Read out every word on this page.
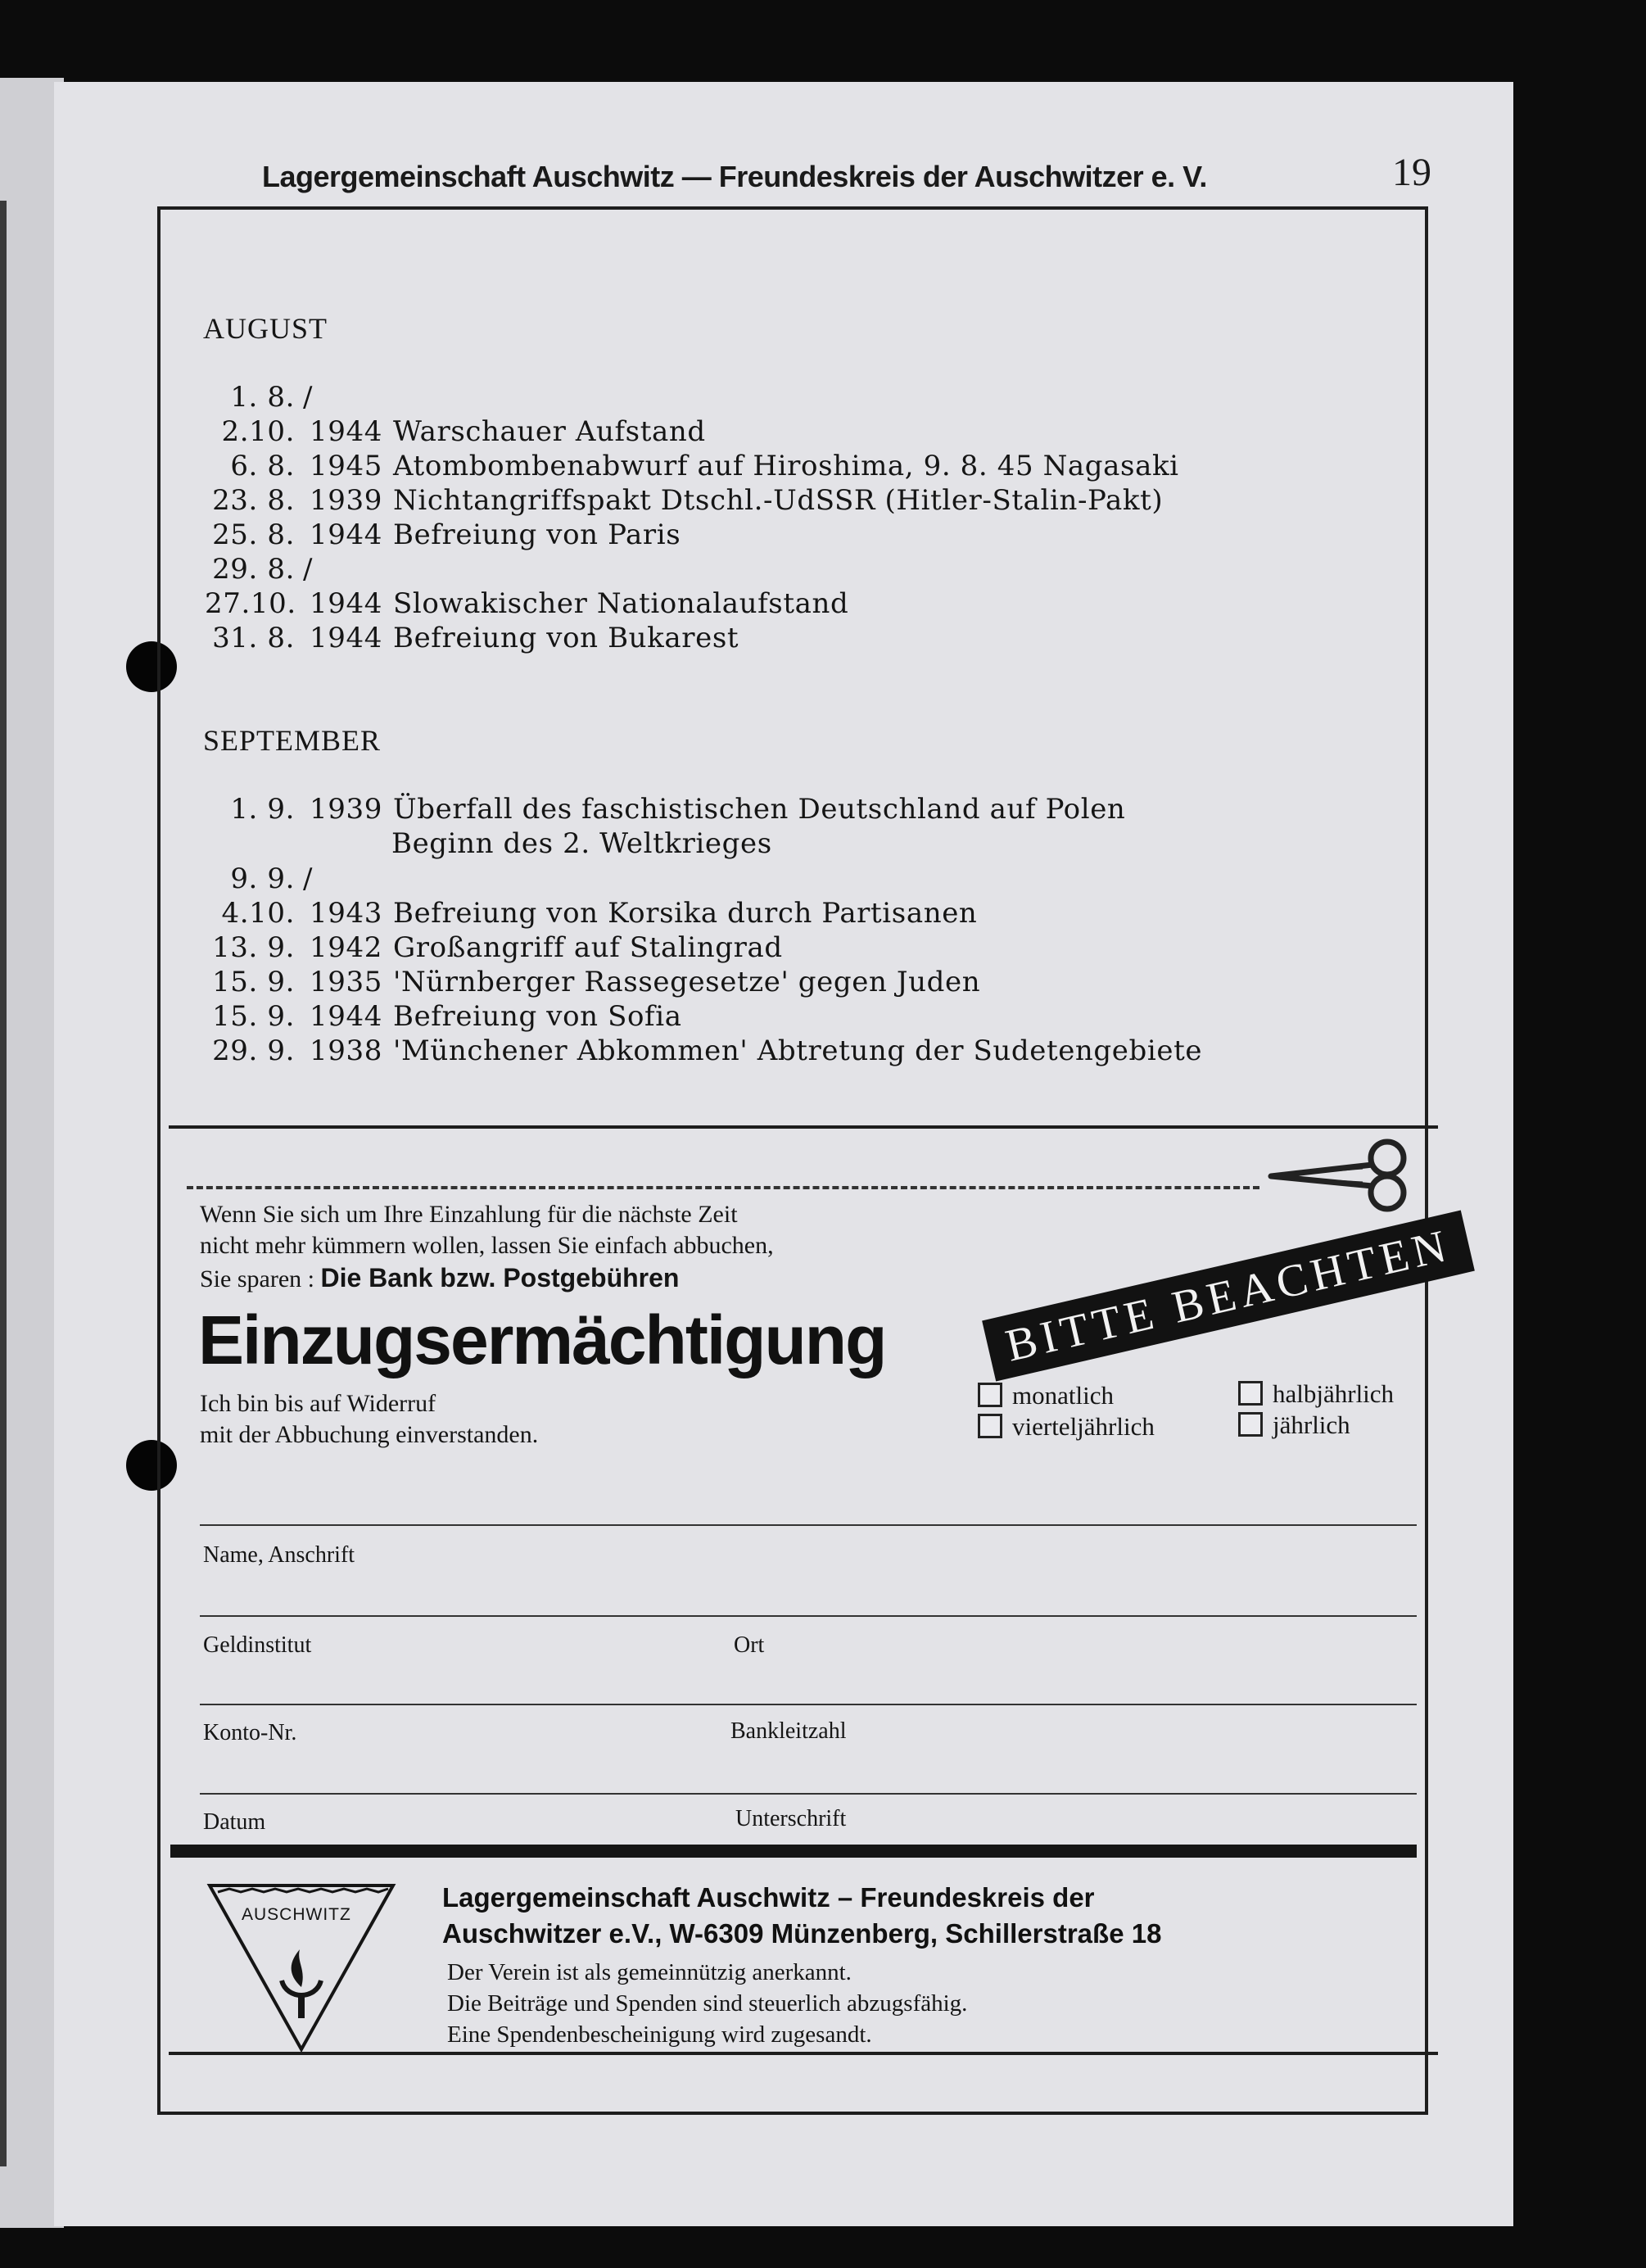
Lagergemeinschaft Auschwitz — Freundeskreis der Auschwitzer e. V.	19
AUGUST
1. 8. /
2.10. 1944 Warschauer Aufstand
6. 8. 1945 Atombombenabwurf auf Hiroshima, 9. 8. 45 Nagasaki
23. 8. 1939 Nichtangriffspakt Dtschl.-UdSSR (Hitler-Stalin-Pakt)
25. 8. 1944 Befreiung von Paris
29. 8. /
27.10. 1944 Slowakischer Nationalaufstand
31. 8. 1944 Befreiung von Bukarest
SEPTEMBER
1. 9. 1939 Überfall des faschistischen Deutschland auf Polen
Beginn des 2. Weltkrieges
9. 9. /
4.10. 1943 Befreiung von Korsika durch Partisanen
13. 9. 1942 Großangriff auf Stalingrad
15. 9. 1935 'Nürnberger Rassegesetze' gegen Juden
15. 9. 1944 Befreiung von Sofia
29. 9. 1938 'Münchener Abkommen' Abtretung der Sudetengebiete
Wenn Sie sich um Ihre Einzahlung für die nächste Zeit
nicht mehr kümmern wollen, lassen Sie einfach abbuchen,
Sie sparen : Die Bank bzw. Postgebühren
Einzugsermächtigung	BITTE BEACHTEN
Ich bin bis auf Widerruf
mit der Abbuchung einverstanden.
monatlich
vierteljährlich
halbjährlich
jährlich
Name, Anschrift
Geldinstitut	Ort
Konto-Nr.	Bankleitzahl
Datum	Unterschrift
AUSCHWITZ
Lagergemeinschaft Auschwitz – Freundeskreis der
Auschwitzer e.V., W-6309 Münzenberg, Schillerstraße 18
Der Verein ist als gemeinnützig anerkannt.
Die Beiträge und Spenden sind steuerlich abzugsfähig.
Eine Spendenbescheinigung wird zugesandt.
